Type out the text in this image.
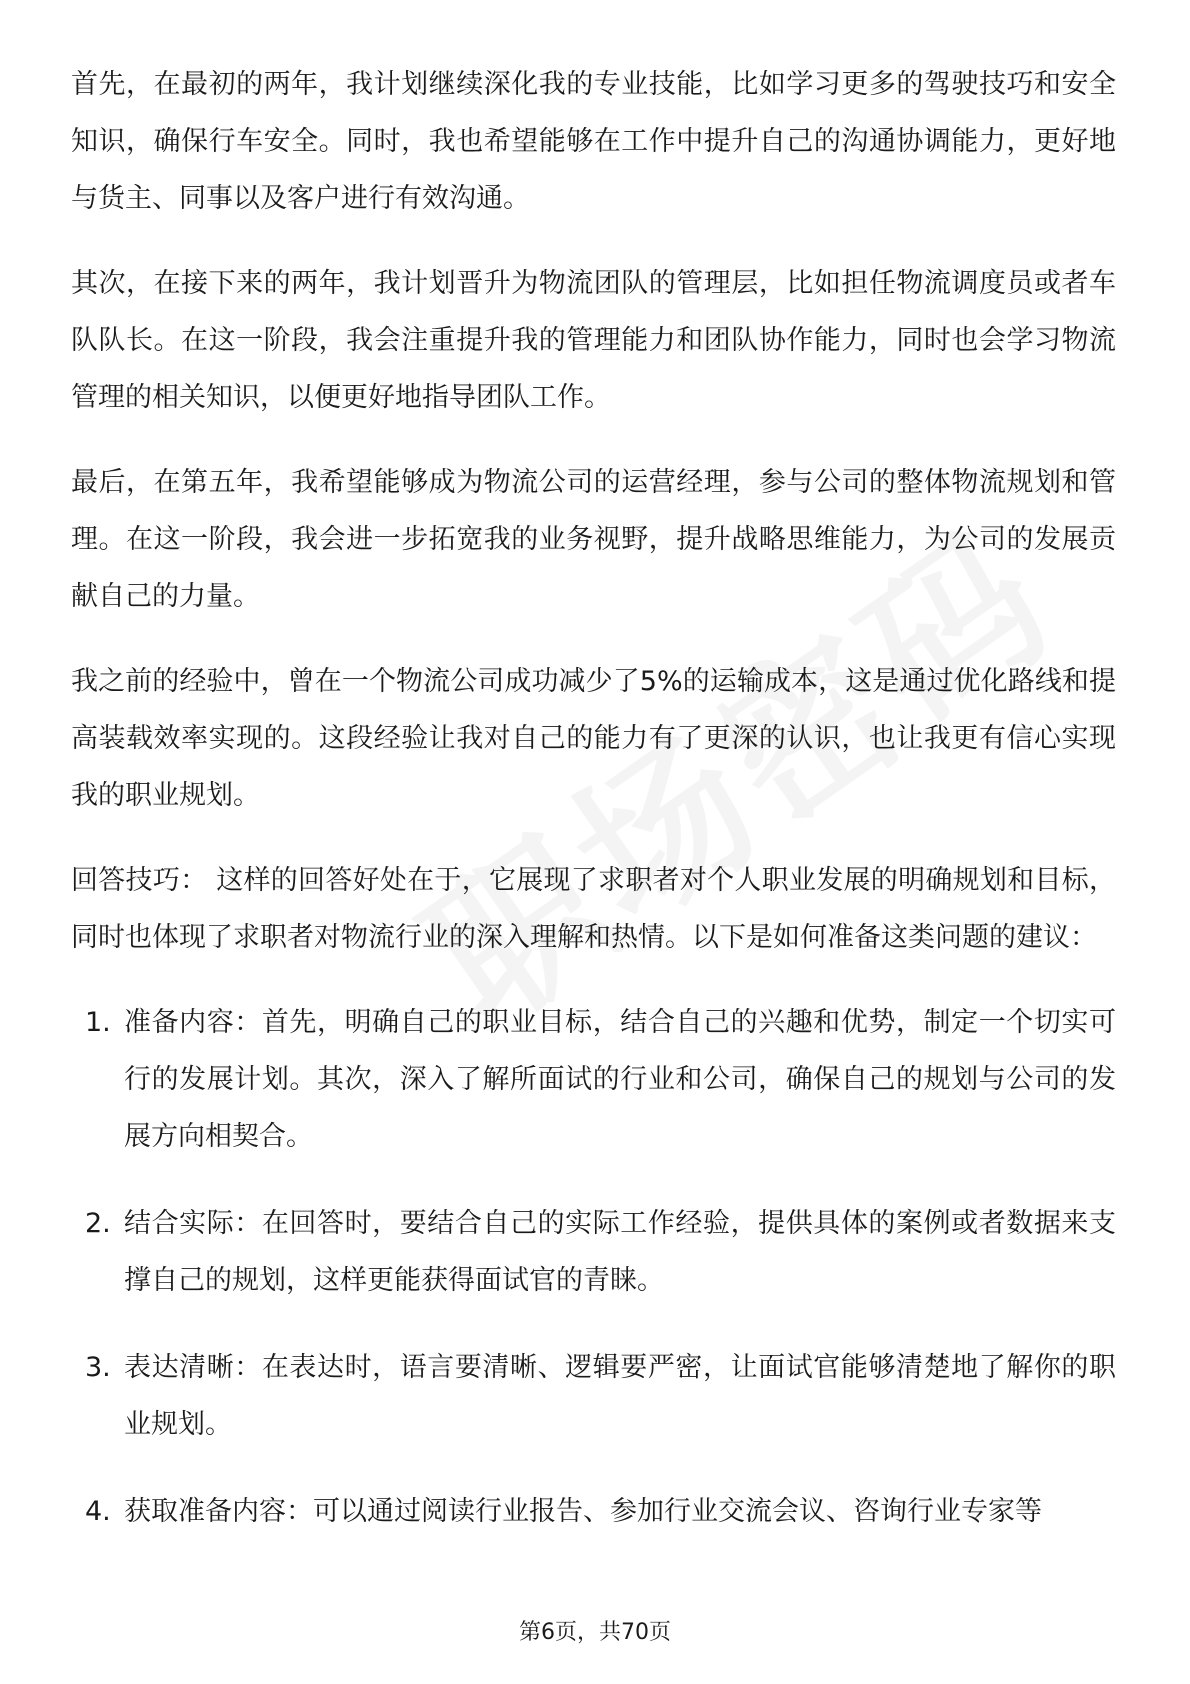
首先，在最初的两年，我计划继续深化我的专业技能，比如学习更多的驾驶技巧和安全知识，确保行车安全。同时，我也希望能够在工作中提升自己的沟通协调能力，更好地与货主、同事以及客户进行有效沟通。

其次，在接下来的两年，我计划晋升为物流团队的管理层，比如担任物流调度员或者车队队长。在这一阶段，我会注重提升我的管理能力和团队协作能力，同时也会学习物流管理的相关知识，以便更好地指导团队工作。

最后，在第五年，我希望能够成为物流公司的运营经理，参与公司的整体物流规划和管理。在这一阶段，我会进一步拓宽我的业务视野，提升战略思维能力，为公司的发展贡献自己的力量。

我之前的经验中，曾在一个物流公司成功减少了5%的运输成本，这是通过优化路线和提高装载效率实现的。这段经验让我对自己的能力有了更深的认识，也让我更有信心实现我的职业规划。

回答技巧： 这样的回答好处在于，它展现了求职者对个人职业发展的明确规划和目标，同时也体现了求职者对物流行业的深入理解和热情。以下是如何准备这类问题的建议：

1. 准备内容：首先，明确自己的职业目标，结合自己的兴趣和优势，制定一个切实可行的发展计划。其次，深入了解所面试的行业和公司，确保自己的规划与公司的发展方向相契合。
2. 结合实际：在回答时，要结合自己的实际工作经验，提供具体的案例或者数据来支撑自己的规划，这样更能获得面试官的青睐。
3. 表达清晰：在表达时，语言要清晰、逻辑要严密，让面试官能够清楚地了解你的职业规划。
4. 获取准备内容：可以通过阅读行业报告、参加行业交流会议、咨询行业专家等
第6页，共70页
